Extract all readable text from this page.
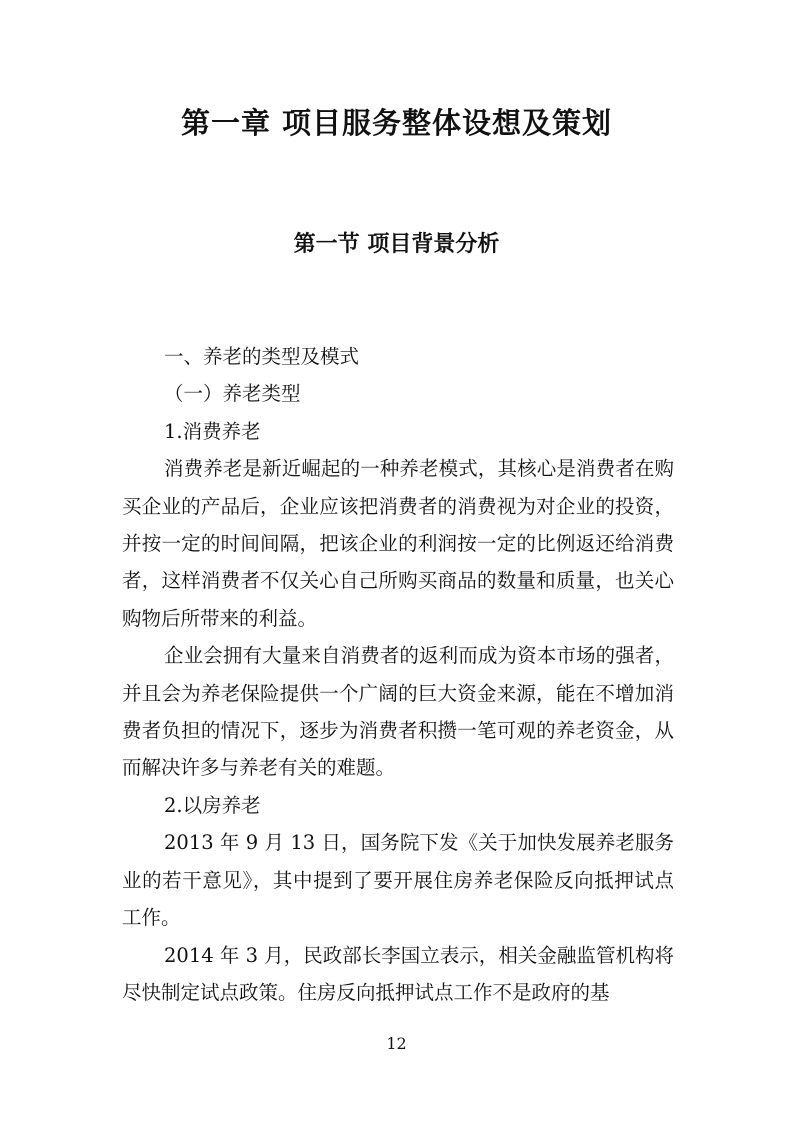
第一章 项目服务整体设想及策划
第一节 项目背景分析

一、养老的类型及模式

（一）养老类型

1.消费养老

消费养老是新近崛起的一种养老模式，其核心是消费者在购买企业的产品后，企业应该把消费者的消费视为对企业的投资，并按一定的时间间隔，把该企业的利润按一定的比例返还给消费者，这样消费者不仅关心自己所购买商品的数量和质量，也关心购物后所带来的利益。

企业会拥有大量来自消费者的返利而成为资本市场的强者，并且会为养老保险提供一个广阔的巨大资金来源，能在不增加消费者负担的情况下，逐步为消费者积攒一笔可观的养老资金，从而解决许多与养老有关的难题。

2.以房养老

2013 年 9 月 13 日，国务院下发《关于加快发展养老服务业的若干意见》，其中提到了要开展住房养老保险反向抵押试点工作。

2014 年 3 月，民政部长李国立表示，相关金融监管机构将尽快制定试点政策。住房反向抵押试点工作不是政府的基

12
